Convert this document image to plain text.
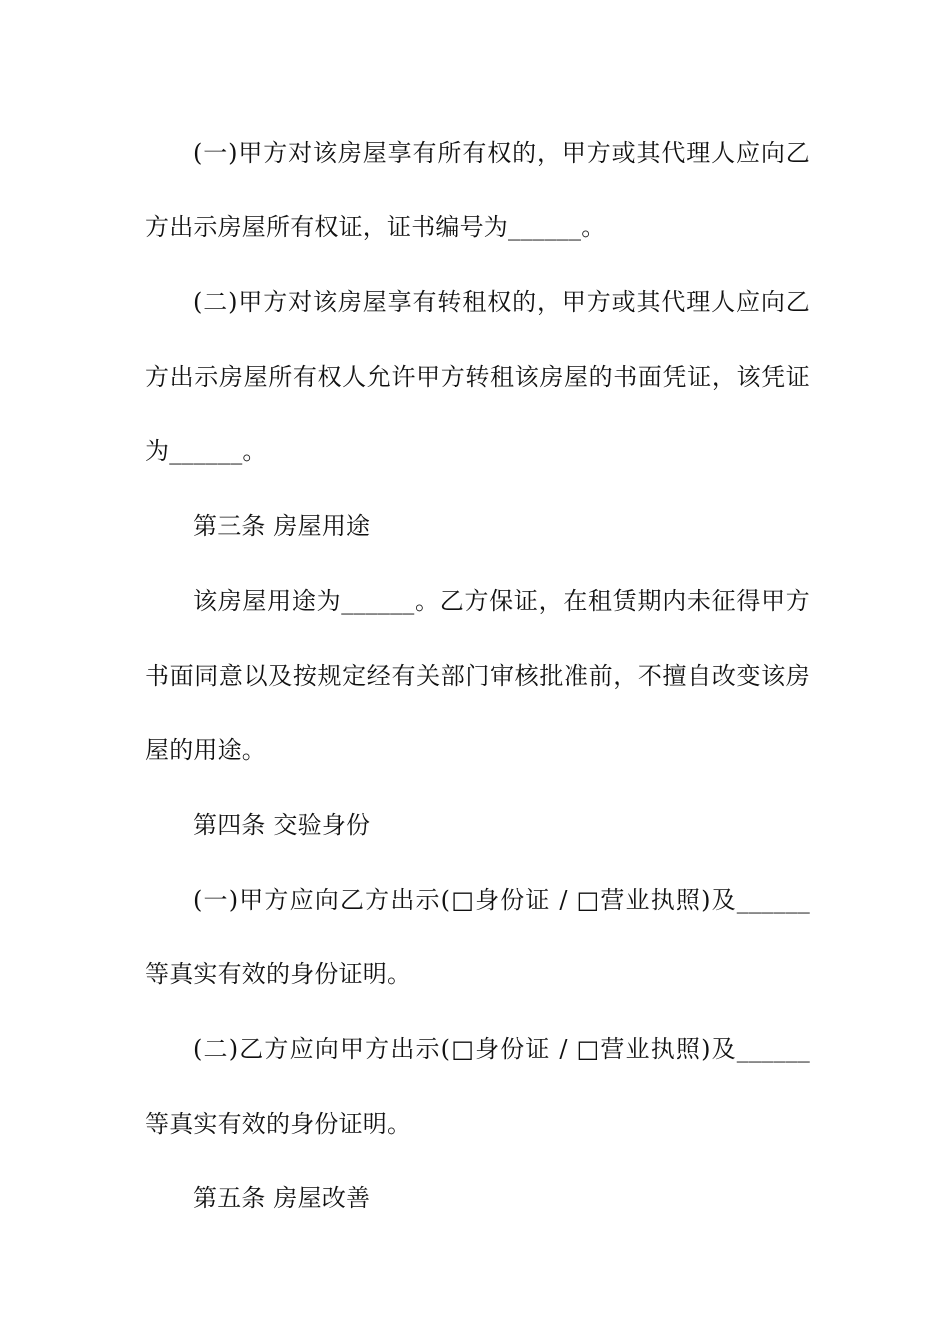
(一)甲方对该房屋享有所有权的，甲方或其代理人应向乙
方出示房屋所有权证，证书编号为______。
(二)甲方对该房屋享有转租权的，甲方或其代理人应向乙
方出示房屋所有权人允许甲方转租该房屋的书面凭证，该凭证
为______。
第三条 房屋用途
该房屋用途为______。乙方保证，在租赁期内未征得甲方
书面同意以及按规定经有关部门审核批准前，不擅自改变该房
屋的用途。
第四条 交验身份
(一)甲方应向乙方出示(□身份证 / □营业执照)及______
等真实有效的身份证明。
(二)乙方应向甲方出示(□身份证 / □营业执照)及______
等真实有效的身份证明。
第五条 房屋改善
